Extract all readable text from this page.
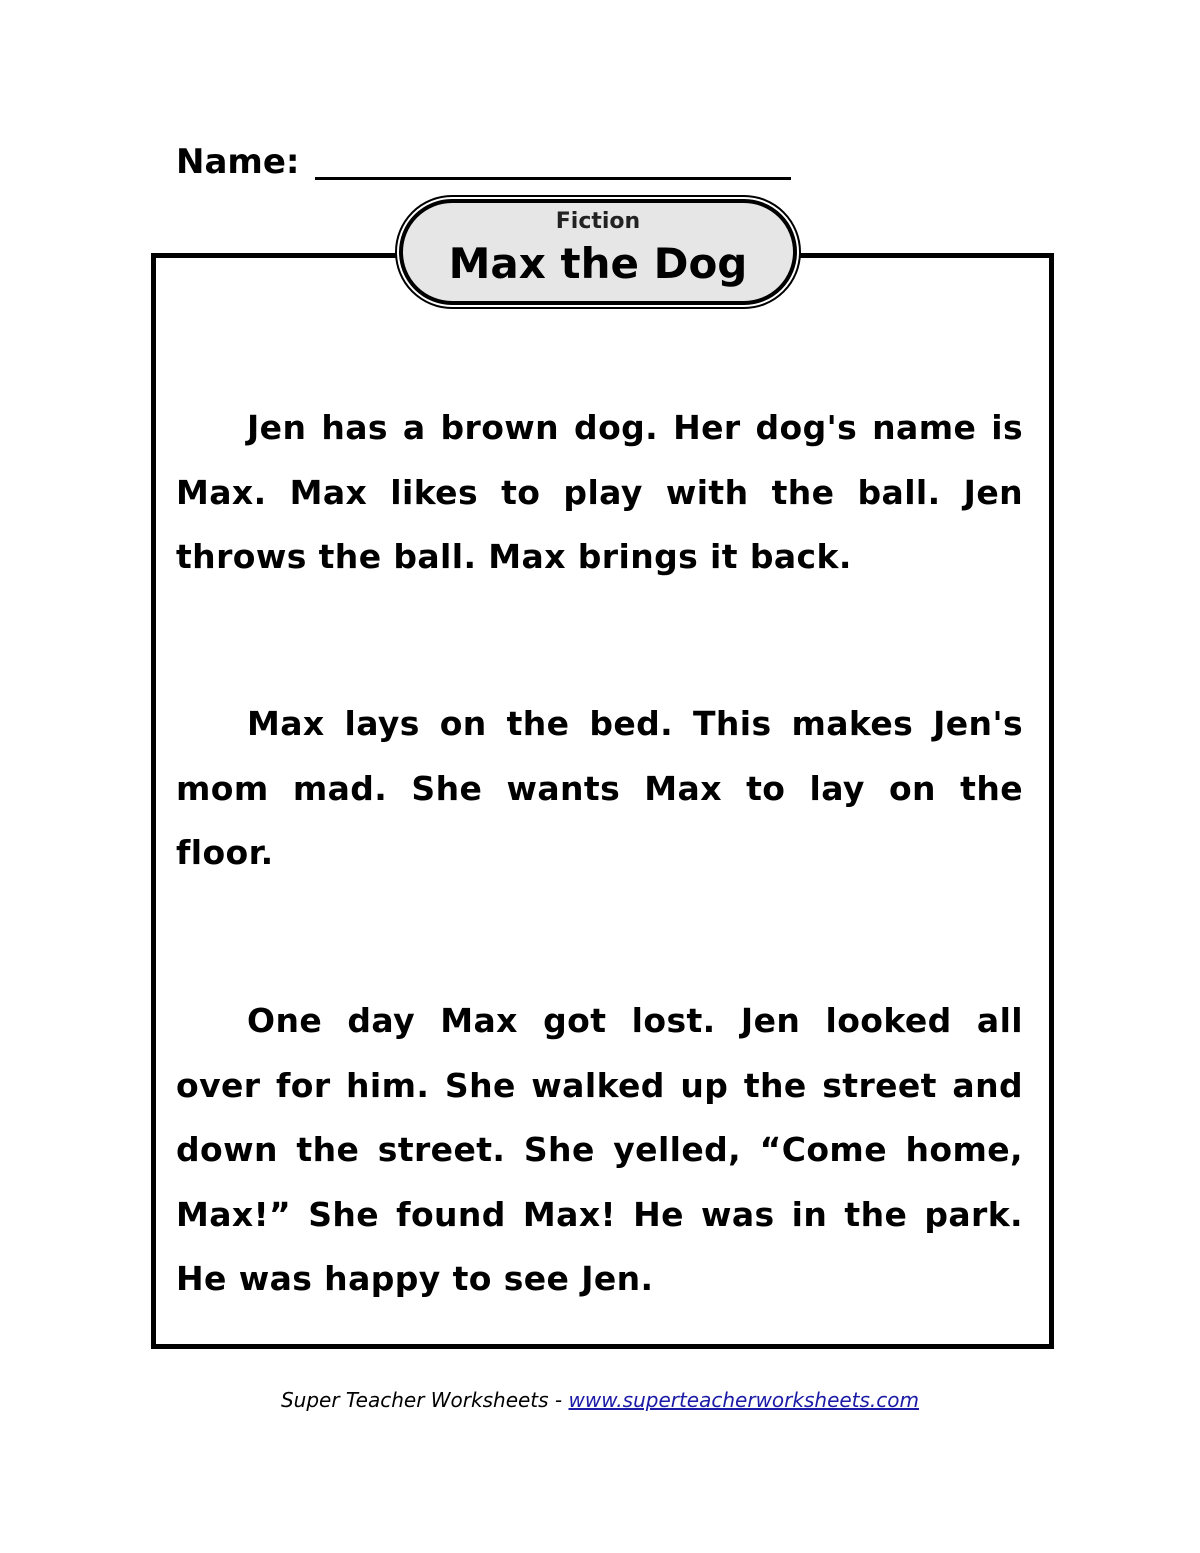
Name:
Fiction
Max the Dog

Jen has a brown dog. Her dog's name is Max. Max likes to play with the ball. Jen throws the ball. Max brings it back.

Max lays on the bed. This makes Jen's mom mad. She wants Max to lay on the floor.

One day Max got lost. Jen looked all over for him. She walked up the street and down the street. She yelled, “Come home, Max!” She found Max! He was in the park. He was happy to see Jen.

Super Teacher Worksheets - www.superteacherworksheets.com
